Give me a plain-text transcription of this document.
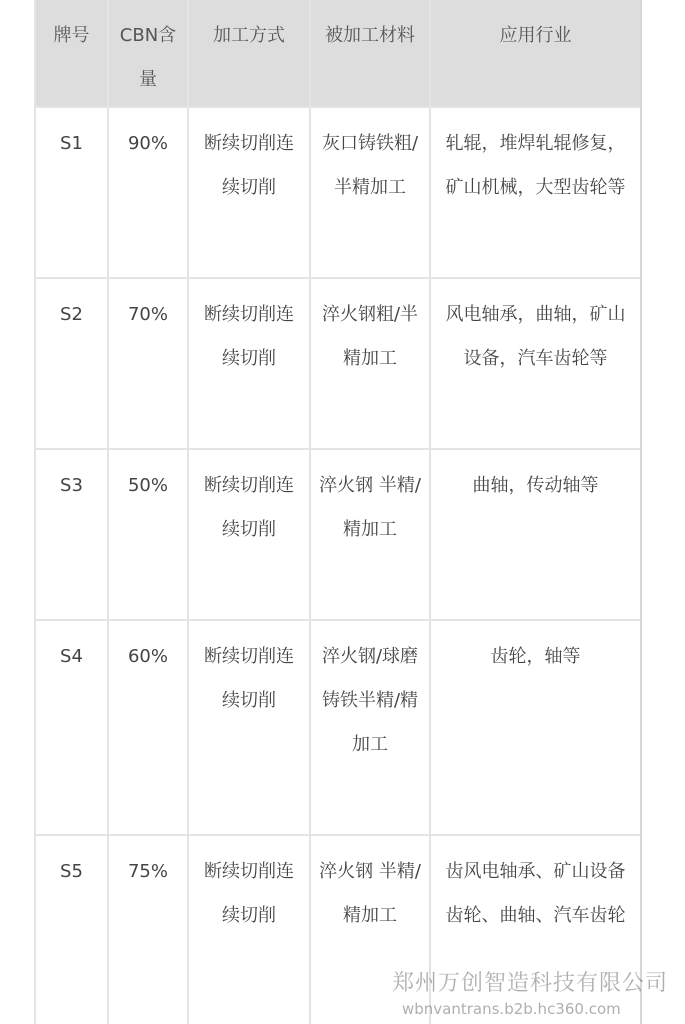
牌号	CBN含量	加工方式	被加工材料	应用行业

S1	90%	断续切削连续切削	灰口铸铁粗/半精加工	轧辊，堆焊轧辊修复，矿山机械，大型齿轮等

S2	70%	断续切削连续切削	淬火钢粗/半精加工	风电轴承，曲轴，矿山设备，汽车齿轮等

S3	50%	断续切削连续切削	淬火钢 半精/精加工	曲轴，传动轴等

S4	60%	断续切削连续切削	淬火钢/球磨铸铁半精/精加工	齿轮，轴等

S5	75%	断续切削连续切削	淬火钢 半精/精加工	齿风电轴承、矿山设备齿轮、曲轴、汽车齿轮
郑州万创智造科技有限公司
wbnvantrans.b2b.hc360.com
